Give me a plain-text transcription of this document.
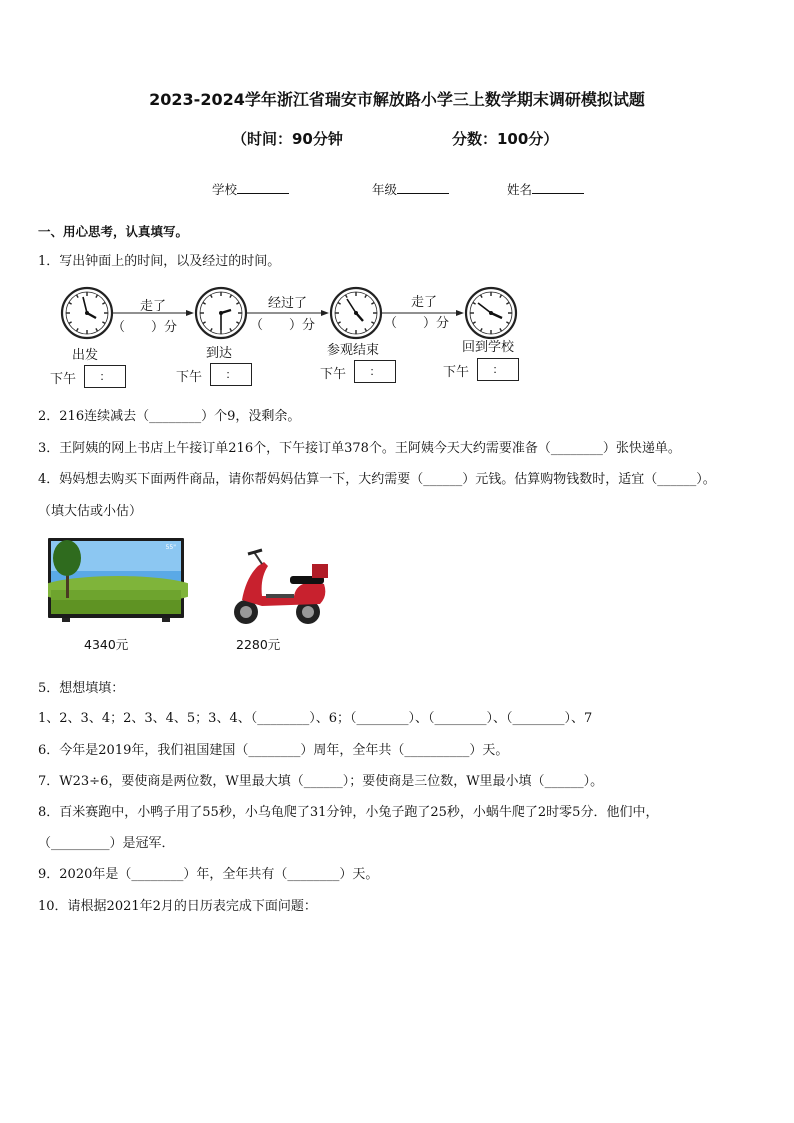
2023-2024学年浙江省瑞安市解放路小学三上数学期末调研模拟试题
（时间：90分钟	分数：100分）
学校	年级	姓名
一、用心思考，认真填写。
1．写出钟面上的时间，以及经过的时间。
走了
（　　）分
经过了
（　　）分
走了
（　　）分
出发	到达	参观结束	回到学校
下午	：	下午	：	下午	：	下午	：
2．216连续减去（________）个9，没剩余。
3．王阿姨的网上书店上午接订单216个，下午接订单378个。王阿姨今天大约需要准备（________）张快递单。
4．妈妈想去购买下面两件商品，请你帮妈妈估算一下，大约需要（______）元钱。估算购物钱数时，适宜（______）。
（填大估或小估）
55"
4340元	2280元
5．想想填填：
1、2、3、4；2、3、4、5；3、4、（________）、6；（________）、（________）、（________）、7
6．今年是2019年，我们祖国建国（________）周年，全年共（__________）天。
7．W23÷6，要使商是两位数，W里最大填（______）；要使商是三位数，W里最小填（______）。
8．百米赛跑中，小鸭子用了55秒，小乌龟爬了31分钟，小兔子跑了25秒，小蜗牛爬了2时零5分．他们中，
（_________）是冠军．
9．2020年是（________）年，全年共有（________）天。
10．请根据2021年2月的日历表完成下面问题：
